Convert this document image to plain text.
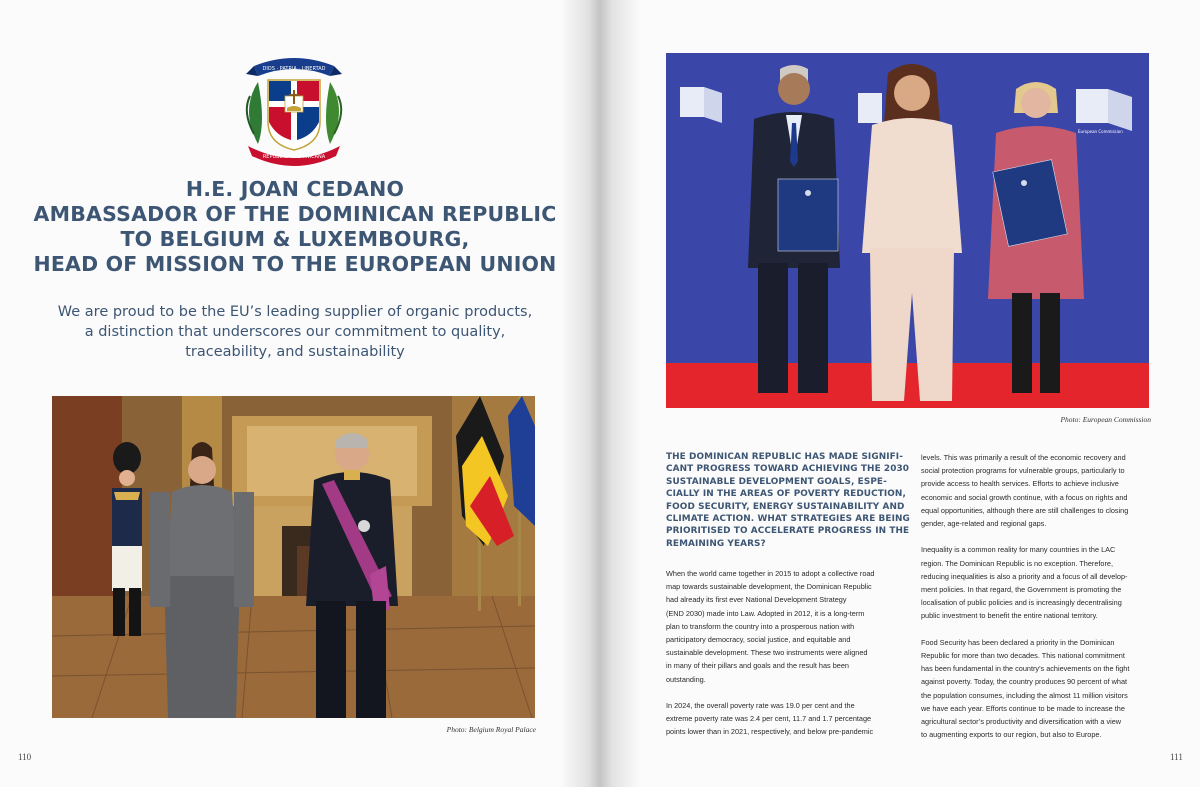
DIOS · PATRIA · LIBERTAD
REPÚBLICA DOMINICANA
H.E. JOAN CEDANO
AMBASSADOR OF THE DOMINICAN REPUBLIC
TO BELGIUM & LUXEMBOURG,
HEAD OF MISSION TO THE EUROPEAN UNION
We are proud to be the EU’s leading supplier of organic products,
a distinction that underscores our commitment to quality,
traceability, and sustainability
Photo: Belgium Royal Palace
110
European Commission
Photo: European Commission
THE DOMINICAN REPUBLIC HAS MADE SIGNIFI-
CANT PROGRESS TOWARD ACHIEVING THE 2030
SUSTAINABLE DEVELOPMENT GOALS, ESPE-
CIALLY IN THE AREAS OF POVERTY REDUCTION,
FOOD SECURITY, ENERGY SUSTAINABILITY AND
CLIMATE ACTION. WHAT STRATEGIES ARE BEING
PRIORITISED TO ACCELERATE PROGRESS IN THE
REMAINING YEARS?
When the world came together in 2015 to adopt a collective road
map towards sustainable development, the Dominican Republic
had already its first ever National Development Strategy
(END 2030) made into Law. Adopted in 2012, it is a long-term
plan to transform the country into a prosperous nation with
participatory democracy, social justice, and equitable and
sustainable development. These two instruments were aligned
in many of their pillars and goals and the result has been
outstanding.
In 2024, the overall poverty rate was 19.0 per cent and the
extreme poverty rate was 2.4 per cent, 11.7 and 1.7 percentage
points lower than in 2021, respectively, and below pre-pandemic
levels. This was primarily a result of the economic recovery and
social protection programs for vulnerable groups, particularly to
provide access to health services. Efforts to achieve inclusive
economic and social growth continue, with a focus on rights and
equal opportunities, although there are still challenges to closing
gender, age-related and regional gaps.
Inequality is a common reality for many countries in the LAC
region. The Dominican Republic is no exception. Therefore,
reducing inequalities is also a priority and a focus of all develop-
ment policies. In that regard, the Government is promoting the
localisation of public policies and is increasingly decentralising
public investment to benefit the entire national territory.
Food Security has been declared a priority in the Dominican
Republic for more than two decades. This national commitment
has been fundamental in the country’s achievements on the fight
against poverty. Today, the country produces 90 percent of what
the population consumes, including the almost 11 million visitors
we have each year. Efforts continue to be made to increase the
agricultural sector’s productivity and diversification with a view
to augmenting exports to our region, but also to Europe.
111
